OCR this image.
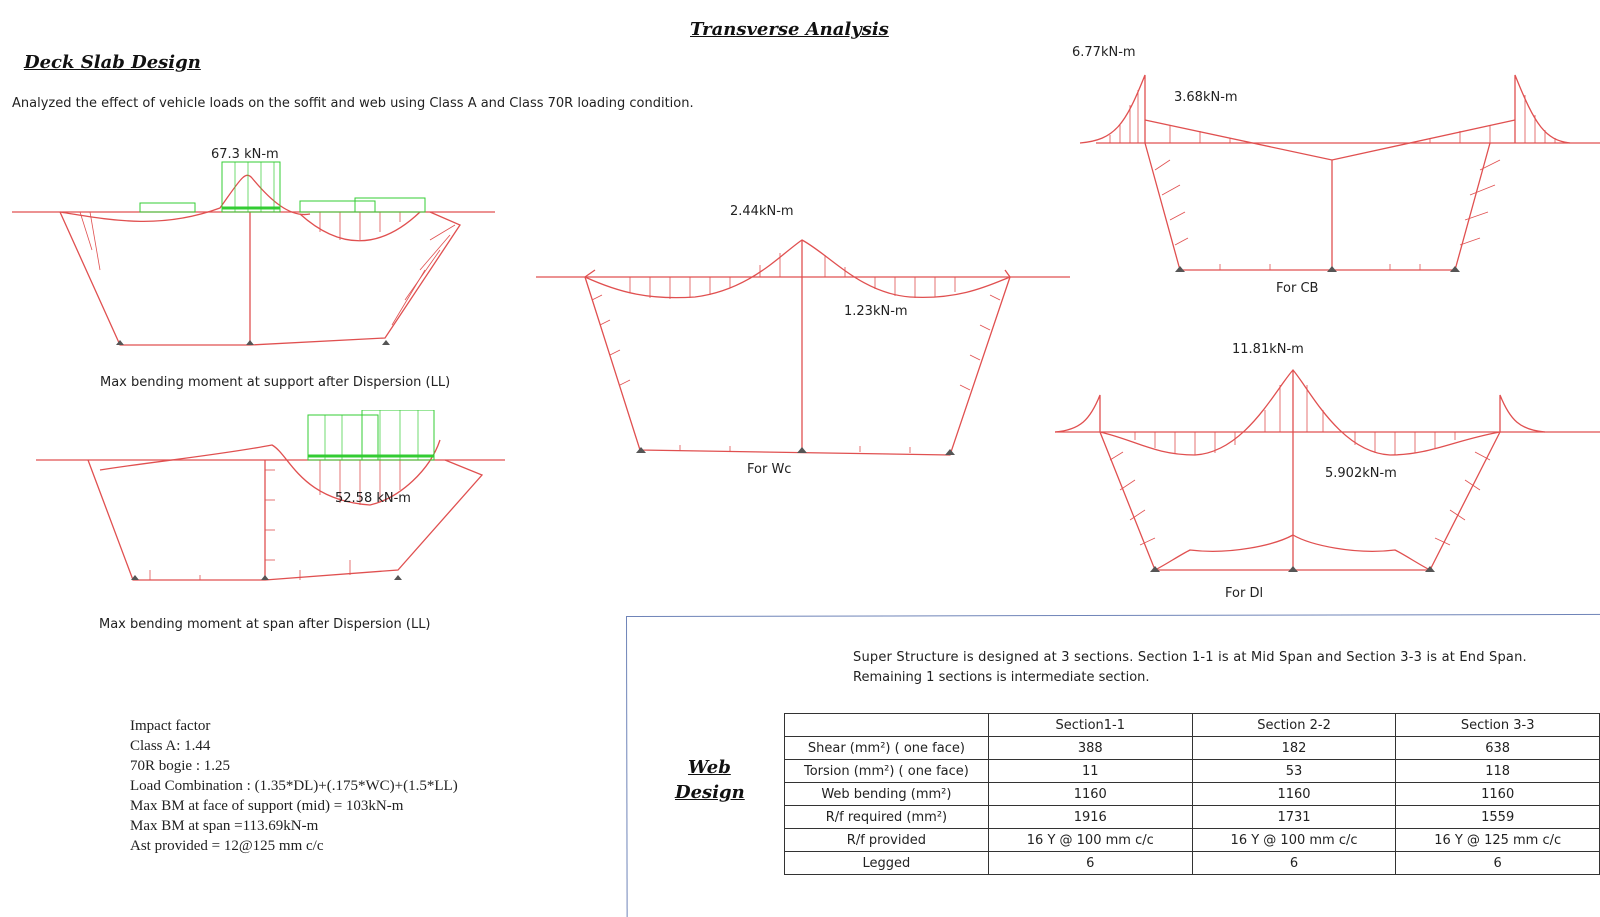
Transverse Analysis
Deck Slab Design
Analyzed the effect of vehicle loads on the soffit and web using Class A and Class 70R loading condition.
67.3 kN-m
Max bending moment at support after Dispersion (LL)
52.58 kN-m
Max bending moment at span after Dispersion (LL)
2.44kN-m
1.23kN-m
For Wc
6.77kN-m
3.68kN-m
For CB
11.81kN-m
5.902kN-m
For Dl
Impact factor
Class A: 1.44
70R bogie : 1.25
Load Combination : (1.35*DL)+(.175*WC)+(1.5*LL)
Max BM at face of support (mid) = 103kN-m
Max BM at span =113.69kN-m
Ast provided = 12@125 mm c/c
Web
Design
Super Structure is designed at 3 sections. Section 1-1 is at Mid Span and Section 3-3 is at End Span.
Remaining 1 sections is intermediate section.
	Section1-1	Section 2-2	Section 3-3
Shear (mm²) ( one face)	388	182	638
Torsion (mm²) ( one face)	11	53	118
Web bending (mm²)	1160	1160	1160
R/f required (mm²)	1916	1731	1559
R/f provided	16 Y @ 100 mm c/c	16 Y @ 100 mm c/c	16 Y @ 125 mm c/c
Legged	6	6	6
